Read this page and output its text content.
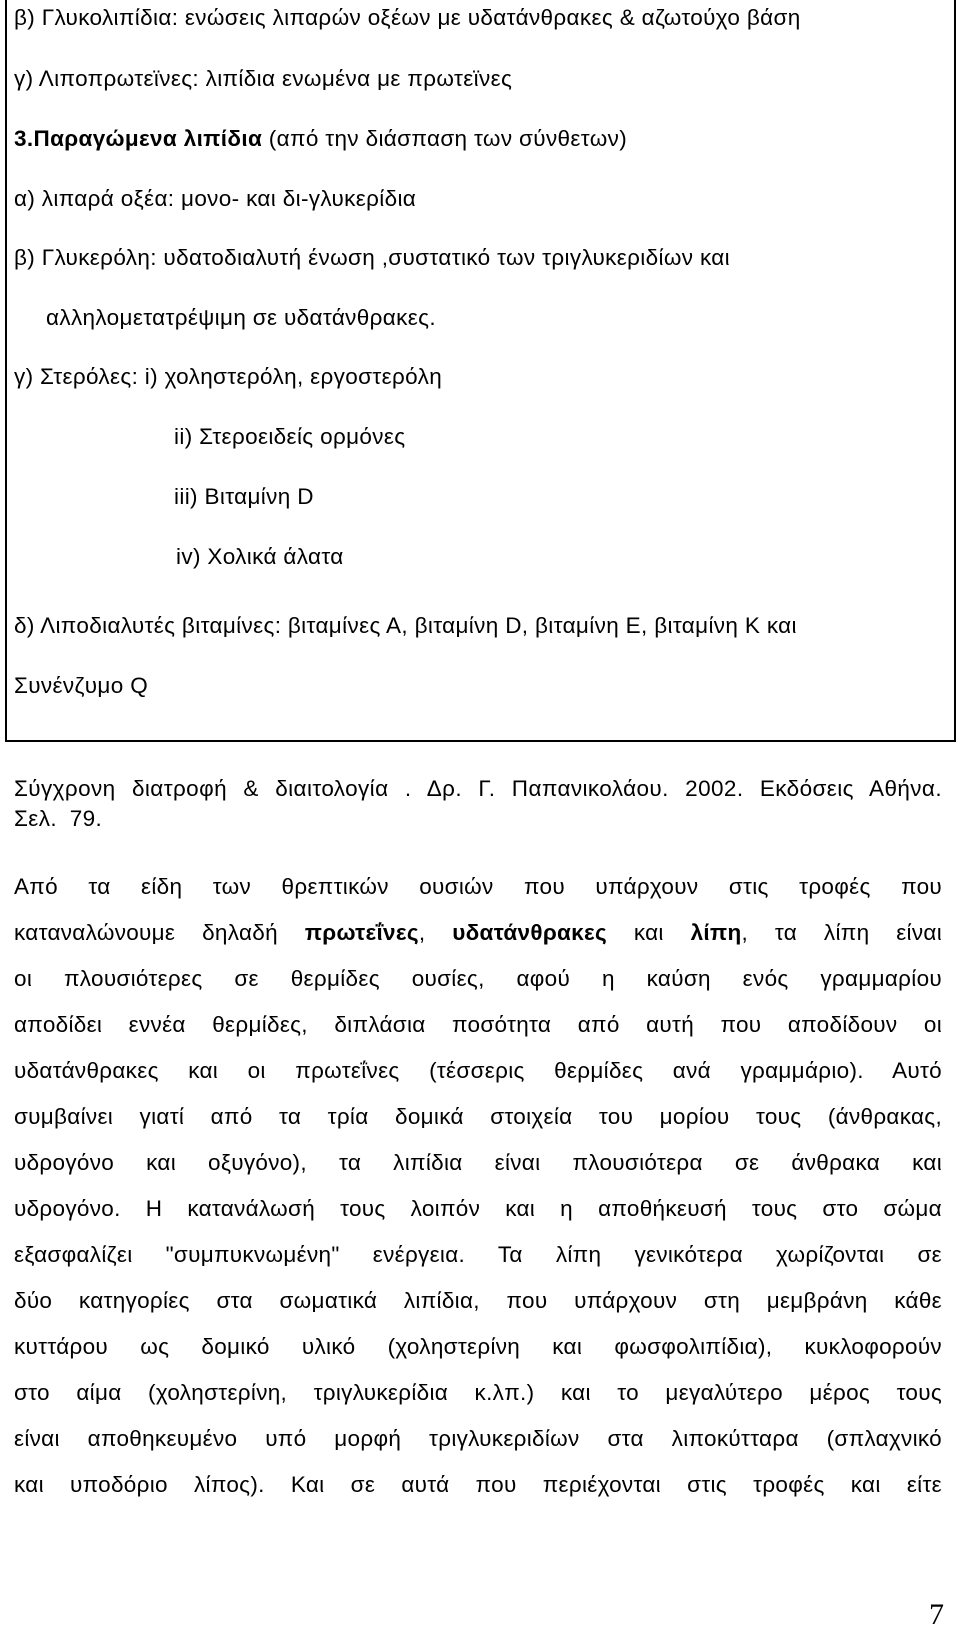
β) Γλυκολιπίδια: ενώσεις λιπαρών οξέων με υδατάνθρακες & αζωτούχο βάση
γ) Λιποπρωτεϊνες: λιπίδια ενωμένα με πρωτεϊνες
3.Παραγώμενα λιπίδια (από την διάσπαση των σύνθετων)
α) λιπαρά οξέα: μονο- και δι-γλυκερίδια
β) Γλυκερόλη: υδατοδιαλυτή ένωση ,συστατικό των τριγλυκεριδίων και
αλληλομετατρέψιμη σε υδατάνθρακες.
γ) Στερόλες: i) χοληστερόλη, εργοστερόλη
ii) Στεροειδείς ορμόνες
iii) Βιταμίνη D
iv) Χολικά άλατα
δ) Λιποδιαλυτές βιταμίνες: βιταμίνες Α, βιταμίνη D, βιταμίνη Ε, βιταμίνη Κ και
Συνένζυμο Q
Σύγχρονη διατροφή & διαιτολογία . Δρ. Γ. Παπανικολάου. 2002. Εκδόσεις Αθήνα. Σελ. 79.
Από τα είδη των θρεπτικών ουσιών που υπάρχουν στις τροφές που
καταναλώνουμε δηλαδή πρωτεΐνες, υδατάνθρακες και λίπη, τα λίπη είναι
οι πλουσιότερες σε θερμίδες ουσίες, αφού η καύση ενός γραμμαρίου
αποδίδει εννέα θερμίδες, διπλάσια ποσότητα από αυτή που αποδίδουν οι
υδατάνθρακες και οι πρωτεΐνες (τέσσερις θερμίδες ανά γραμμάριο). Αυτό
συμβαίνει γιατί από τα τρία δομικά στοιχεία του μορίου τους (άνθρακας,
υδρογόνο και οξυγόνο), τα λιπίδια είναι πλουσιότερα σε άνθρακα και
υδρογόνο. Η κατανάλωσή τους λοιπόν και η αποθήκευσή τους στο σώμα
εξασφαλίζει "συμπυκνωμένη" ενέργεια. Τα λίπη γενικότερα χωρίζονται σε
δύο κατηγορίες στα σωματικά λιπίδια, που υπάρχουν στη μεμβράνη κάθε
κυττάρου ως δομικό υλικό (χοληστερίνη και φωσφολιπίδια), κυκλοφορούν
στο αίμα (χοληστερίνη, τριγλυκερίδια κ.λπ.) και το μεγαλύτερο μέρος τους
είναι αποθηκευμένο υπό μορφή τριγλυκεριδίων στα λιποκύτταρα (σπλαχνικό
και υποδόριο λίπος). Και σε αυτά που περιέχονται στις τροφές και είτε
7
